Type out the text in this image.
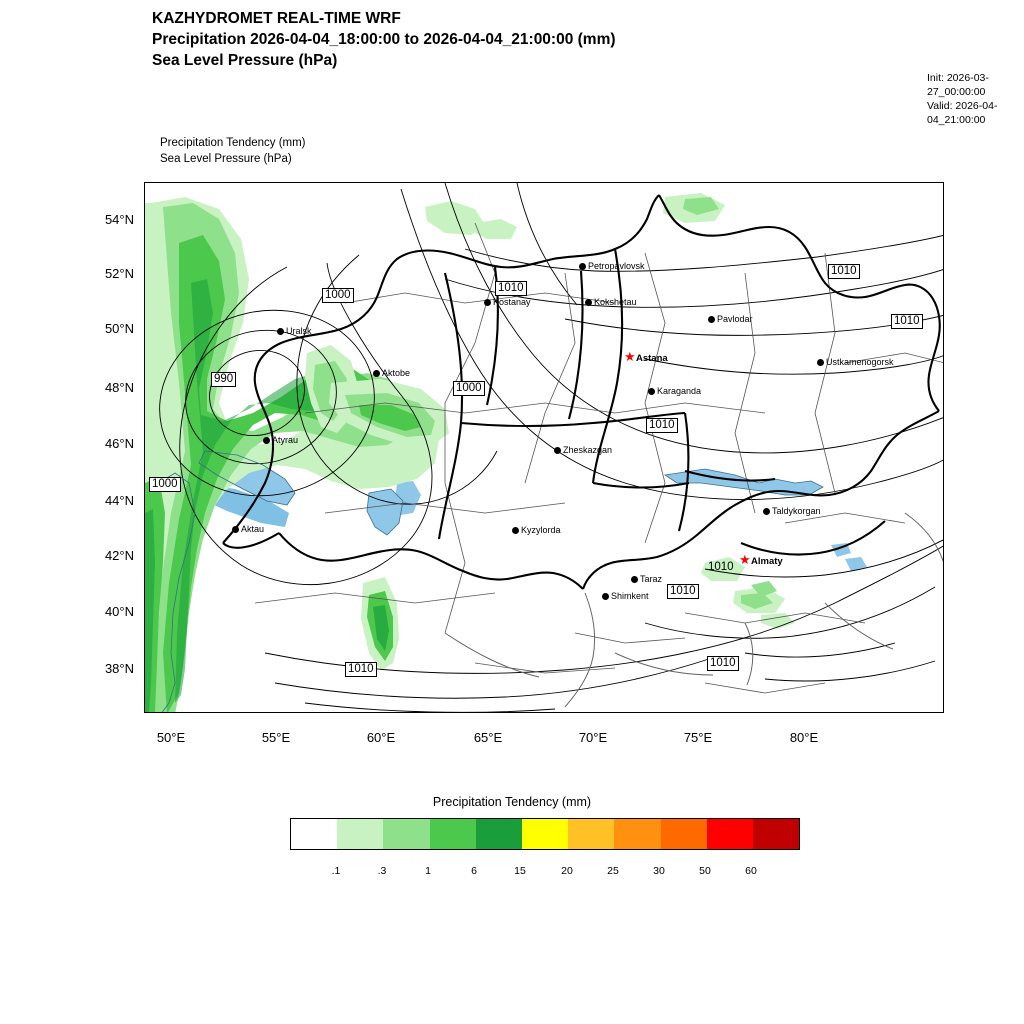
KAZHYDROMET REAL-TIME WRF
Precipitation 2026-04-04_18:00:00 to 2026-04-04_21:00:00 (mm)
Sea Level Pressure (hPa)
Init: 2026-03-27_00:00:00
Valid: 2026-04-04_21:00:00
Precipitation Tendency (mm)
Sea Level Pressure (hPa)
54°N
52°N
50°N
48°N
46°N
44°N
42°N
40°N
38°N
50°E	55°E	60°E	65°E	70°E	75°E	80°E
1010
1010
1010
1000
990
1000
1010
1000
1010
1010
1010	1010
Uralsk
Aktobe
Atyrau
Aktau
Kostanay
Petropavlovsk
Kokshetau
Pavlodar
Karaganda
Zheskazgan
Kyzylorda
Taraz
Shimkent
Taldykorgan
Ustkamenogorsk
★ Astana
★ Almaty
Precipitation Tendency (mm)
.1	.3	1	6	15	20	25	30	50	60
